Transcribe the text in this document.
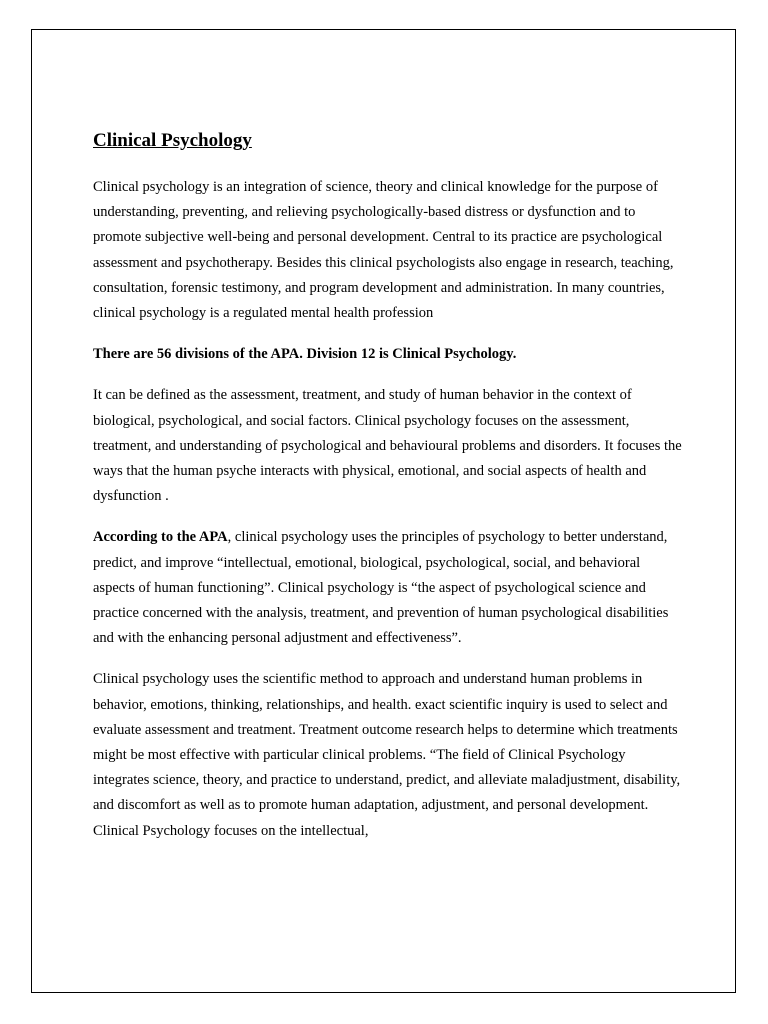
Clinical Psychology

Clinical psychology is an integration of science, theory and clinical knowledge for the purpose of understanding, preventing, and relieving psychologically-based distress or dysfunction and to promote subjective well-being and personal development. Central to its practice are psychological assessment and psychotherapy. Besides this clinical psychologists also engage in research, teaching, consultation, forensic testimony, and program development and administration. In many countries, clinical psychology is a regulated mental health profession

There are 56 divisions of the APA. Division 12 is Clinical Psychology.

It can be defined as the assessment, treatment, and study of human behavior in the context of biological, psychological, and social factors. Clinical psychology focuses on the assessment, treatment, and understanding of psychological and behavioural problems and disorders. It focuses the ways that the human psyche interacts with physical, emotional, and social aspects of health and dysfunction .

According to the APA, clinical psychology uses the principles of psychology to better understand, predict, and improve “intellectual, emotional, biological, psychological, social, and behavioral aspects of human functioning”. Clinical psychology is “the aspect of psychological science and practice concerned with the analysis, treatment, and prevention of human psychological disabilities and with the enhancing personal adjustment and effectiveness”.

Clinical psychology uses the scientific method to approach and understand human problems in behavior, emotions, thinking, relationships, and health. exact scientific inquiry is used to select and evaluate assessment and treatment. Treatment outcome research helps to determine which treatments might be most effective with particular clinical problems. “The field of Clinical Psychology integrates science, theory, and practice to understand, predict, and alleviate maladjustment, disability, and discomfort as well as to promote human adaptation, adjustment, and personal development. Clinical Psychology focuses on the intellectual,
